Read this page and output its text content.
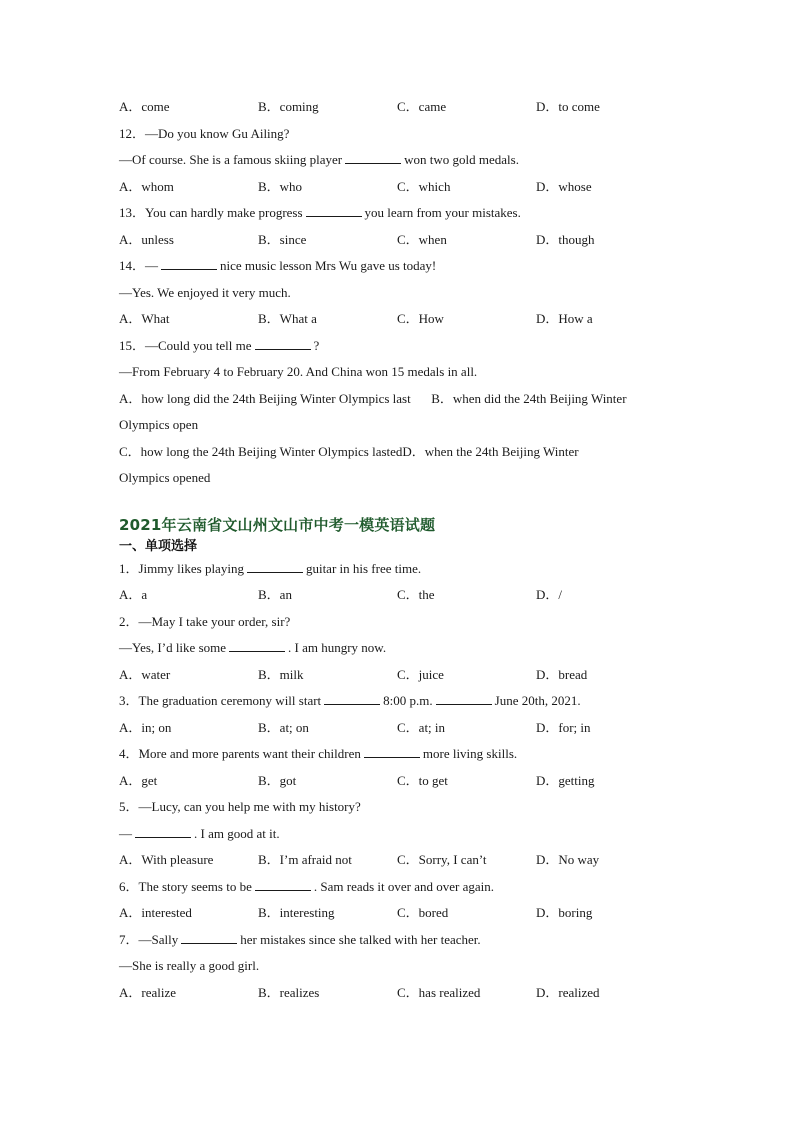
A．come	B．coming	C．came	D．to come
12．—Do you know Gu Ailing?
—Of course. She is a famous skiing player	won two gold medals.
A．whom	B．who	C．which	D．whose
13．You can hardly make progress	you learn from your mistakes.
A．unless	B．since	C．when	D．though
14．—	nice music lesson Mrs Wu gave us today!
—Yes. We enjoyed it very much.
A．What	B．What a	C．How	D．How a
15．—Could you tell me	?
—From February 4 to February 20. And China won 15 medals in all.
A．how long did the 24th Beijing Winter Olympics last B．when did the 24th Beijing Winter
Olympics open
C．how long the 24th Beijing Winter Olympics lastedD．when the 24th Beijing Winter
Olympics opened
2021年云南省文山州文山市中考一模英语试题
一、单项选择
1．Jimmy likes playing	guitar in his free time.
A．a	B．an	C．the	D．/
2．—May I take your order, sir?
—Yes, I’d like some	. I am hungry now.
A．water	B．milk	C．juice	D．bread
3．The graduation ceremony will start	8:00 p.m.	June 20th, 2021.
A．in; on	B．at; on	C．at; in	D．for; in
4．More and more parents want their children	more living skills.
A．get	B．got	C．to get	D．getting
5．—Lucy, can you help me with my history?
—	. I am good at it.
A．With pleasure	B．I’m afraid not	C．Sorry, I can’t	D．No way
6．The story seems to be	. Sam reads it over and over again.
A．interested	B．interesting	C．bored	D．boring
7．—Sally	her mistakes since she talked with her teacher.
—She is really a good girl.
A．realize	B．realizes	C．has realized	D．realized
